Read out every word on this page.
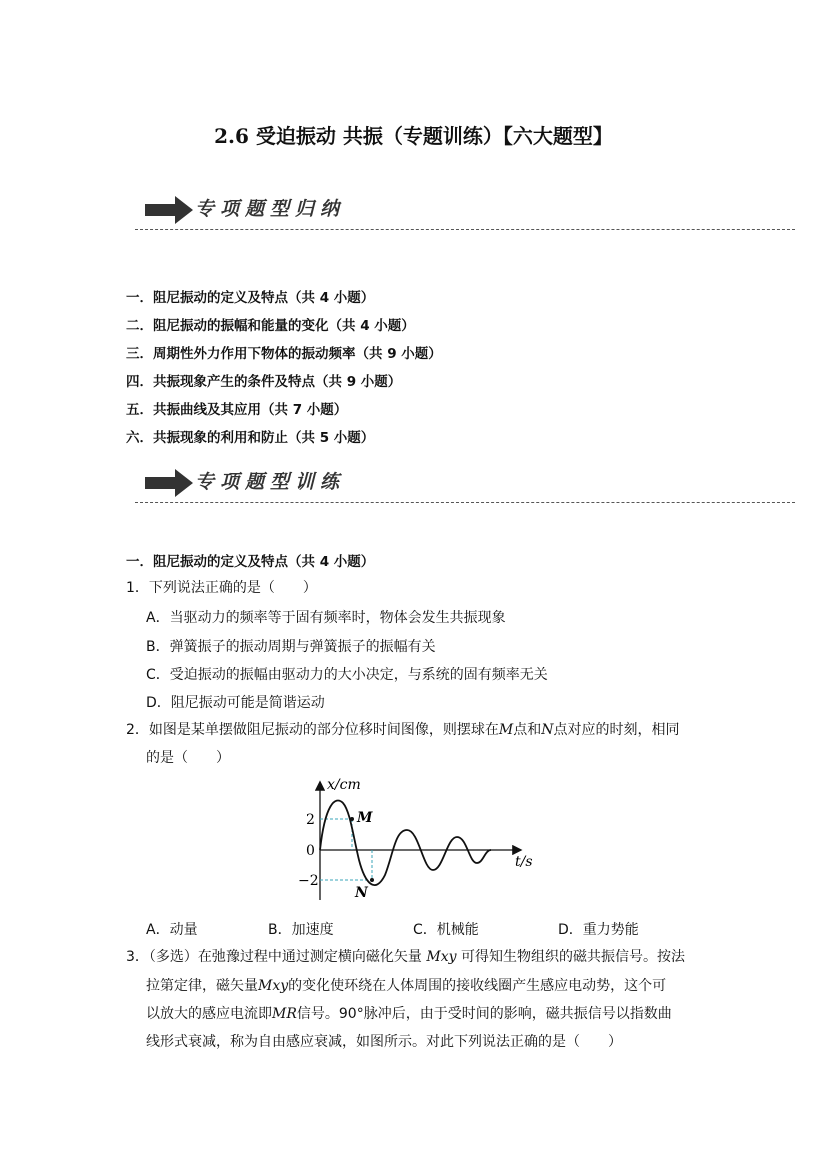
2.6 受迫振动 共振（专题训练）【六大题型】
专项题型归纳
一．阻尼振动的定义及特点（共 4 小题）
二．阻尼振动的振幅和能量的变化（共 4 小题）
三．周期性外力作用下物体的振动频率（共 9 小题）
四．共振现象产生的条件及特点（共 9 小题）
五．共振曲线及其应用（共 7 小题）
六．共振现象的利用和防止（共 5 小题）
专项题型训练
一．阻尼振动的定义及特点（共 4 小题）
1．下列说法正确的是（　　）
A．当驱动力的频率等于固有频率时，物体会发生共振现象
B．弹簧振子的振动周期与弹簧振子的振幅有关
C．受迫振动的振幅由驱动力的大小决定，与系统的固有频率无关
D．阻尼振动可能是简谐运动
2．如图是某单摆做阻尼振动的部分位移时间图像，则摆球在M点和N点对应的时刻，相同
的是（　　）
x/cm
t/s
2
0
−2
M
N
A．动量	B．加速度	C．机械能	D．重力势能
3．（多选）在弛豫过程中通过测定横向磁化矢量 Mxy 可得知生物组织的磁共振信号。按法
拉第定律，磁矢量Mxy的变化使环绕在人体周围的接收线圈产生感应电动势，这个可
以放大的感应电流即MR信号。90°脉冲后，由于受时间的影响，磁共振信号以指数曲
线形式衰减，称为自由感应衰减，如图所示。对此下列说法正确的是（　　）
